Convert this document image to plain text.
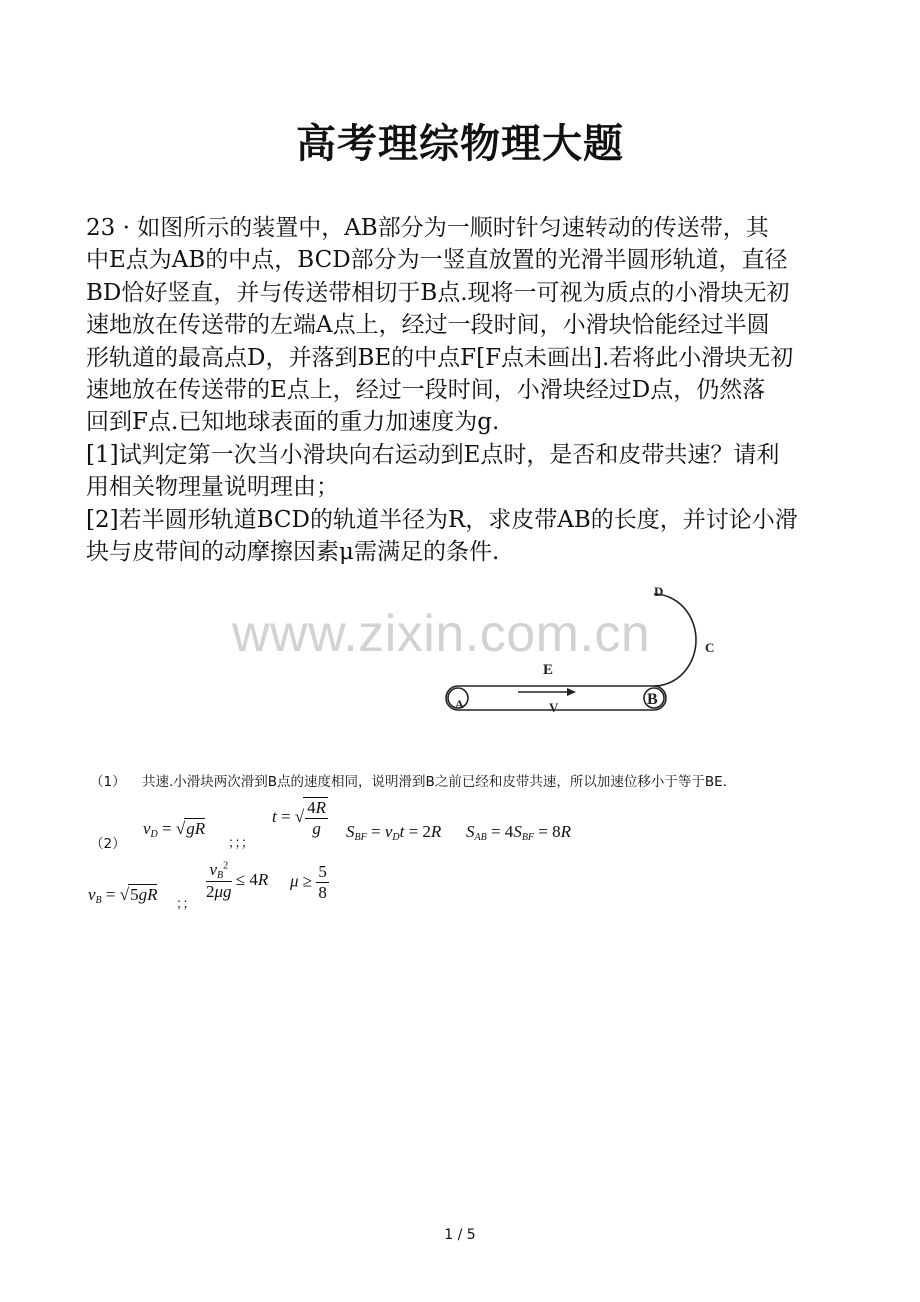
高考理综物理大题
23 · 如图所示的装置中，AB部分为一顺时针匀速转动的传送带，其
中E点为AB的中点，BCD部分为一竖直放置的光滑半圆形轨道，直径
BD恰好竖直，并与传送带相切于B点.现将一可视为质点的小滑块无初
速地放在传送带的左端A点上，经过一段时间，小滑块恰能经过半圆
形轨道的最高点D，并落到BE的中点F[F点未画出].若将此小滑块无初
速地放在传送带的E点上，经过一段时间，小滑块经过D点，仍然落
回到F点.已知地球表面的重力加速度为g.
[1]试判定第一次当小滑块向右运动到E点时，是否和皮带共速？请利
用相关物理量说明理由；
[2]若半圆形轨道BCD的轨道半径为R，求皮带AB的长度，并讨论小滑
块与皮带间的动摩擦因素μ需满足的条件.
www.zixin.com.cn
A	B
C
D
E
V
（1） 共速.小滑块两次滑到B点的速度相同，说明滑到B之前已经和皮带共速，所以加速位移小于等于BE.
（2）
$v_D = √gR$
；；；
t = √ $\frac{4R}{g} S_{BF} = v_Dt = 2R$ $S_{AB} = 4S_{BF} = 8R$
$v_B = √5gR$
；；
$\frac{v_B^2}{2\mu g} \le 4R$ $\mu \ge \frac{5}{8}$
1 / 5
